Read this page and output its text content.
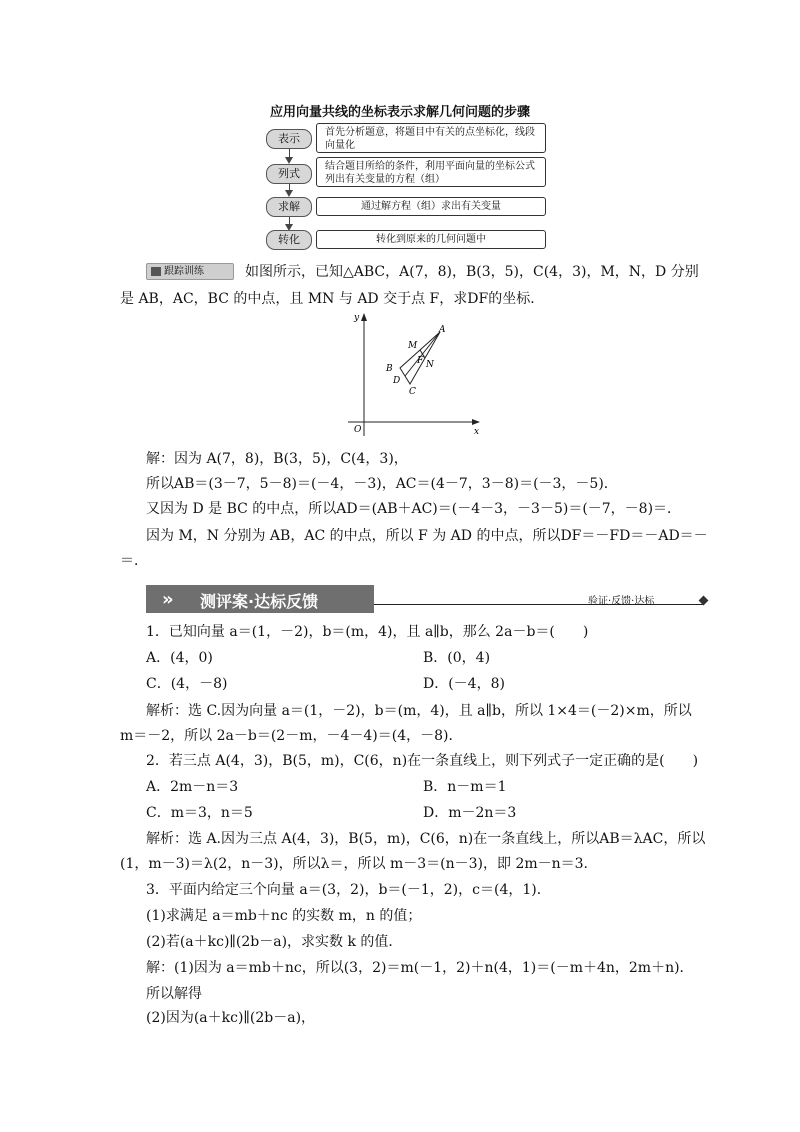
应用向量共线的坐标表示求解几何问题的步骤
表示	首先分析题意，将题目中有关的点坐标化，线段向量化
列式
结合题目所给的条件，利用平面向量的坐标公式列出有关变量的方程（组）
求解	通过解方程（组）求出有关变量
转化	转化到原来的几何问题中
跟踪训练	如图所示，已知△ABC，A(7，8)，B(3，5)，C(4，3)，M，N，D 分别
是 AB，AC，BC 的中点，且 MN 与 AD 交于点 F，求DF的坐标．
y
x
O
A
B
C
D
M
N
F
解：因为 A(7，8)，B(3，5)，C(4，3)，
所以AB＝(3－7，5－8)＝(－4，－3)，AC＝(4－7，3－8)＝(－3，－5)．
又因为 D 是 BC 的中点，所以AD＝(AB＋AC)＝(－4－3，－3－5)＝(－7，－8)＝．
因为 M，N 分别为 AB，AC 的中点，所以 F 为 AD 的中点，所以DF＝－FD＝－AD＝－
＝．
» 测评案·达标反馈	验证·反馈·达标
1．已知向量 a＝(1，－2)，b＝(m，4)，且 a∥b，那么 2a－b＝(　　)
A．(4，0)	B．(0，4)
C．(4，－8)	D．(－4，8)
解析：选 C.因为向量 a＝(1，－2)，b＝(m，4)，且 a∥b，所以 1×4＝(－2)×m，所以
m＝－2，所以 2a－b＝(2－m，－4－4)＝(4，－8)．
2．若三点 A(4，3)，B(5，m)，C(6，n)在一条直线上，则下列式子一定正确的是(　　)
A．2m－n＝3	B．n－m＝1
C．m＝3，n＝5	D．m－2n＝3
解析：选 A.因为三点 A(4，3)，B(5，m)，C(6，n)在一条直线上，所以AB＝λAC，所以
(1，m－3)＝λ(2，n－3)，所以λ＝，所以 m－3＝(n－3)，即 2m－n＝3.
3．平面内给定三个向量 a＝(3，2)，b＝(－1，2)，c＝(4，1)．
(1)求满足 a＝mb＋nc 的实数 m，n 的值；
(2)若(a＋kc)∥(2b－a)，求实数 k 的值．
解：(1)因为 a＝mb＋nc，所以(3，2)＝m(－1，2)＋n(4，1)＝(－m＋4n，2m＋n)．
所以解得
(2)因为(a＋kc)∥(2b－a)，
